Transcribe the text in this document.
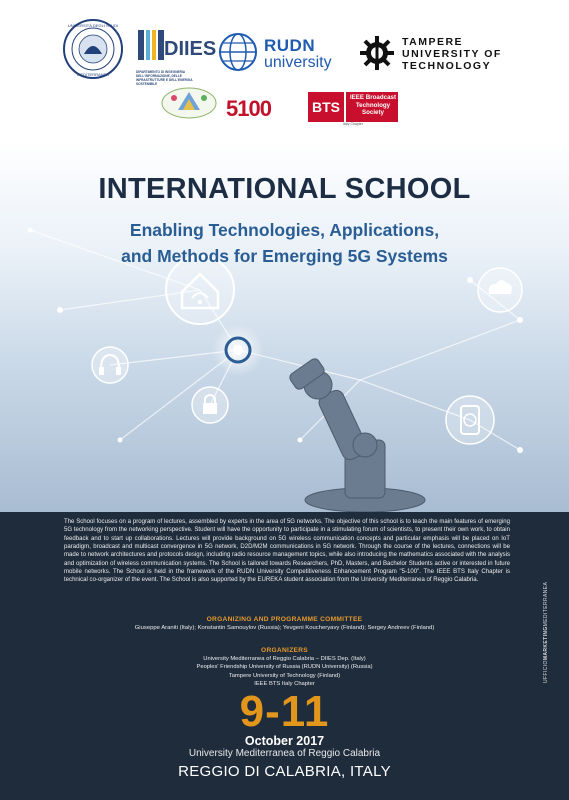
UNIVERSITÀ DEGLI STUDI
MEDITERRANEA
DIIES
DIPARTIMENTO DI INGEGNERIA DELL'INFORMAZIONE, DELLE INFRASTRUTTURE E DELL'ENERGIA SOSTENIBILE
RUDN
university
TAMPERE
UNIVERSITY OF
TECHNOLOGY
5100	BTS
IEEE Broadcast Technology Society
Italy Chapter
INTERNATIONAL SCHOOL
Enabling Technologies, Applications,
and Methods for Emerging 5G Systems

The School focuses on a program of lectures, assembled by experts in the area of 5G networks. The objective of this school is to teach the main features of emerging 5G technology from the networking perspective. Student will have the opportunity to participate in a stimulating forum of scientists, to present their own work, to obtain feedback and to start up collaborations. Lectures will provide background on 5G wireless communication concepts and particular emphasis will be placed on IoT paradigm, broadcast and multicast convergence in 5G network, D2D/M2M communications in 5G network. Through the course of the lectures, connections will be made to network architectures and protocols design, including radio resource management topics, while also introducing the mathematics associated with the analysis and optimization of wireless communication systems. The School is tailored towards Researchers, PhD, Masters, and Bachelor Students active or interested in future mobile networks. The School is held in the framework of the RUDN University Competitiveness Enhancement Program "5-100". The IEEE BTS Italy Chapter is technical co-organizer of the event. The School is also supported by the EUREKA student association from the University Mediterranea of Reggio Calabria.

ORGANIZING AND PROGRAMME COMMITTEE
Giuseppe Araniti (Italy); Konstantin Samouylov (Russia); Yevgeni Koucheryavy (Finland); Sergey Andreev (Finland)
ORGANIZERS
University Mediterranea of Reggio Calabria – DIIES Dep. (Italy)
Peoples' Friendship University of Russia (RUDN University) (Russia)
Tampere University of Technology (Finland)
IEEE BTS Italy Chapter
9-11
October 2017
University Mediterranea of Reggio Calabria
REGGIO DI CALABRIA, ITALY
UFFICIOMARKETINGMEDITERRANEA
